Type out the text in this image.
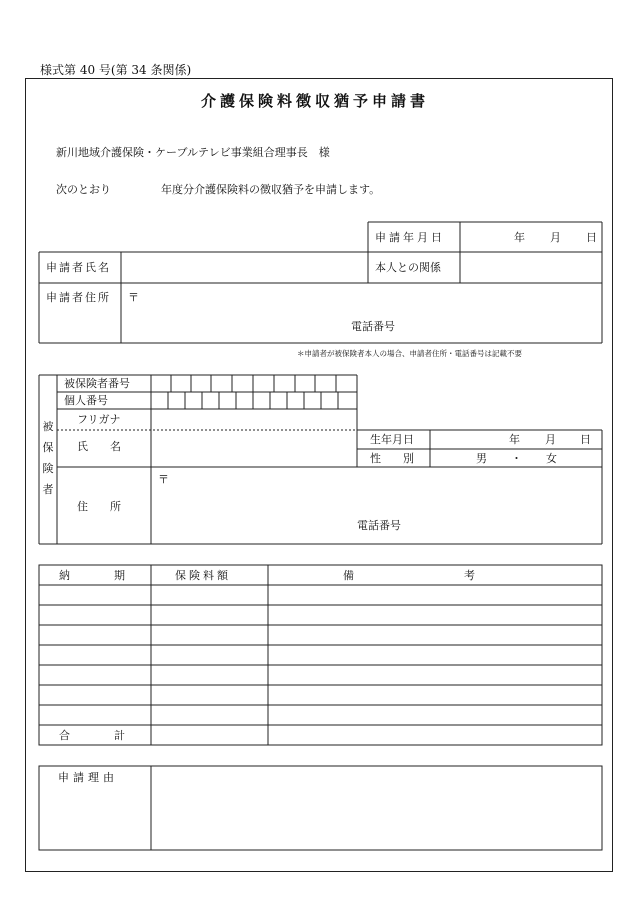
様式第 40 号(第 34 条関係)
介護保険料徴収猶予申請書
新川地域介護保険・ケーブルテレビ事業組合理事長　様
次のとおり	年度分介護保険料の徴収猶予を申請します。
申請年月日	年 月 日
申請者氏名	本人との関係
申請者住所 〒
電話番号
＊申請者が被保険者本人の場合、申請者住所・電話番号は記載不要
被保険者
被保険者番号
個人番号
フリガナ
氏　　名
生年月日	年 月 日
性　　別	男 ・ 女
住　　所
〒
電話番号
納　　　　期	保険料額	備　　　　　　　　　　考
合　　　　計
申請理由
